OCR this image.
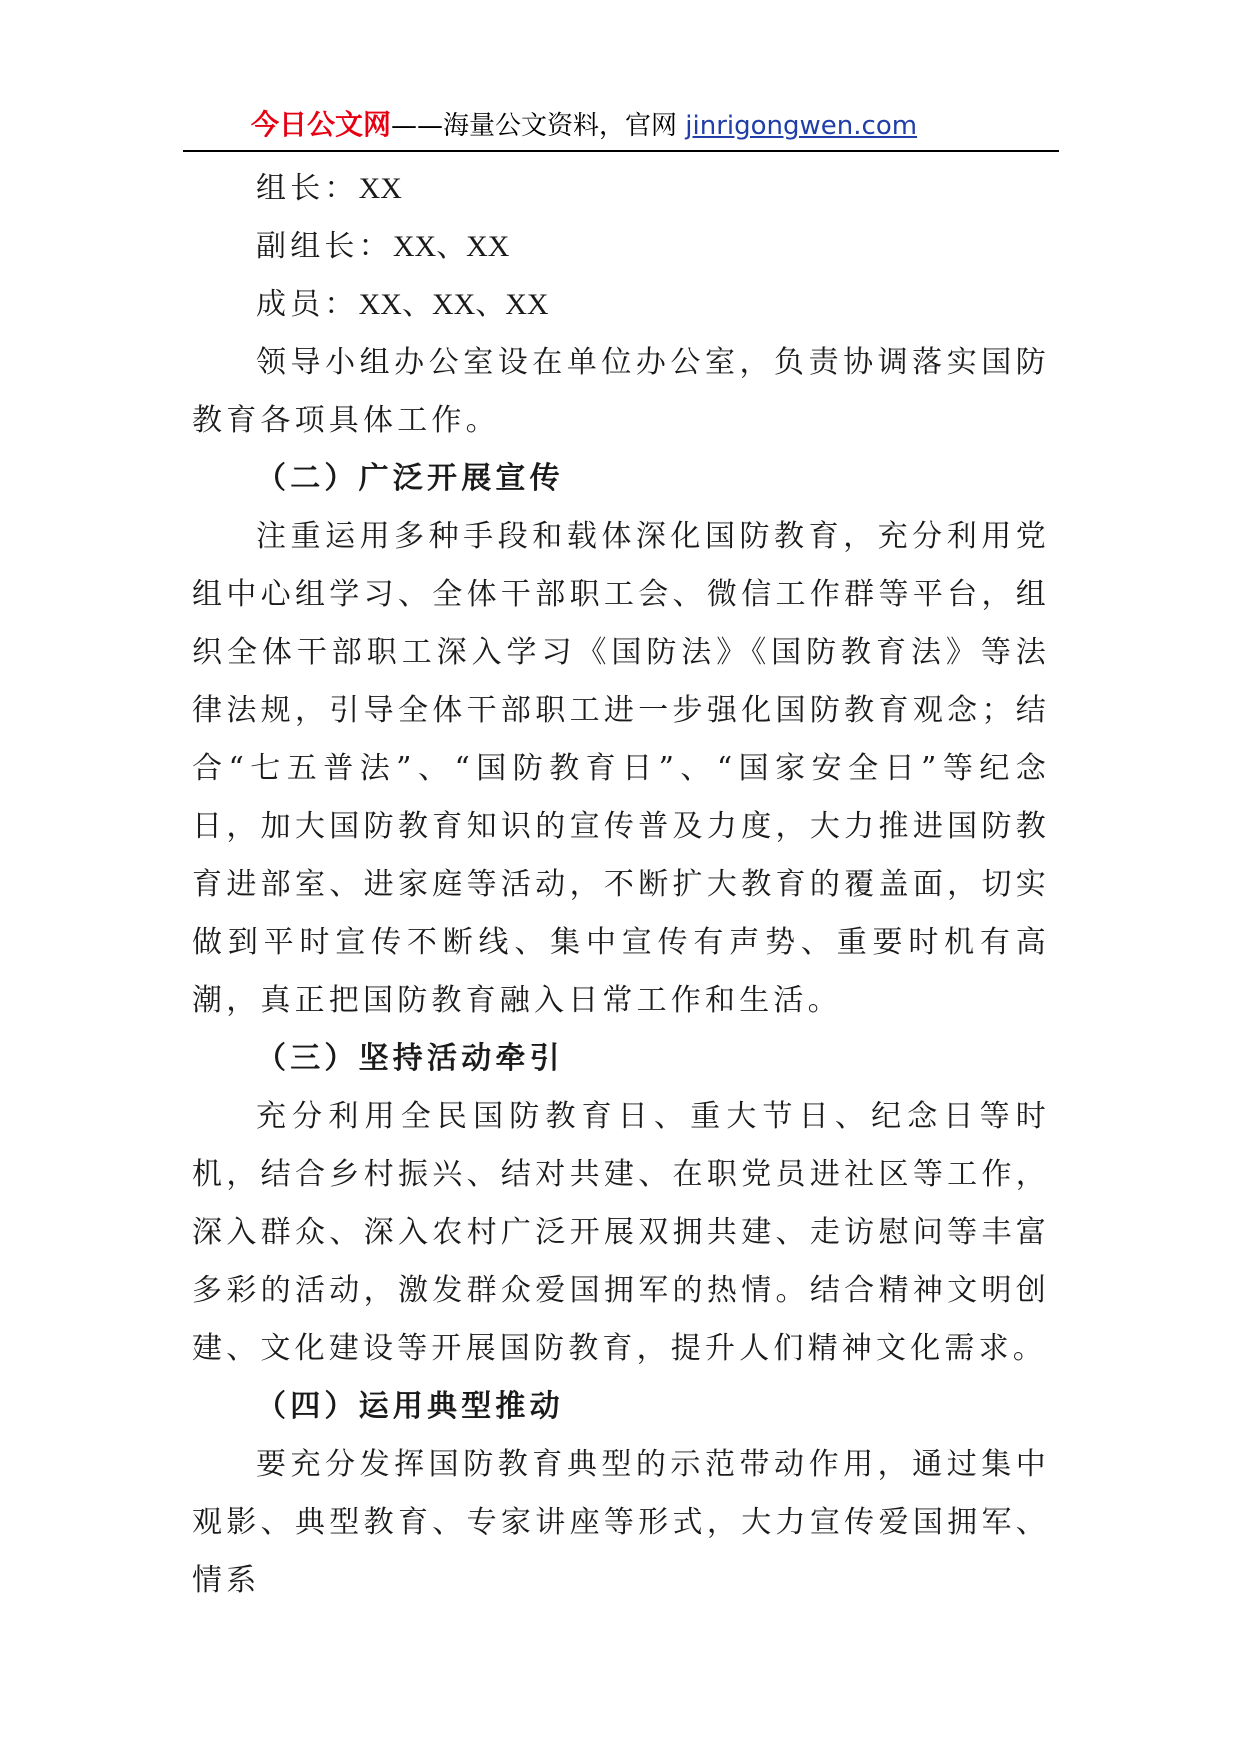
今日公文网——海量公文资料，官网 jinrigongwen.com

组长：XX

副组长：XX、XX

成员：XX、XX、XX

领导小组办公室设在单位办公室，负责协调落实国防教育各项具体工作。

（二）广泛开展宣传

注重运用多种手段和载体深化国防教育，充分利用党组中心组学习、全体干部职工会、微信工作群等平台，组织全体干部职工深入学习《国防法》《国防教育法》等法律法规，引导全体干部职工进一步强化国防教育观念；结合“七五普法”、“国防教育日”、“国家安全日”等纪念日，加大国防教育知识的宣传普及力度，大力推进国防教育进部室、进家庭等活动，不断扩大教育的覆盖面，切实做到平时宣传不断线、集中宣传有声势、重要时机有高潮，真正把国防教育融入日常工作和生活。

（三）坚持活动牵引

充分利用全民国防教育日、重大节日、纪念日等时机，结合乡村振兴、结对共建、在职党员进社区等工作，深入群众、深入农村广泛开展双拥共建、走访慰问等丰富多彩的活动，激发群众爱国拥军的热情。结合精神文明创建、文化建设等开展国防教育，提升人们精神文化需求。

（四）运用典型推动

要充分发挥国防教育典型的示范带动作用，通过集中观影、典型教育、专家讲座等形式，大力宣传爱国拥军、情系
